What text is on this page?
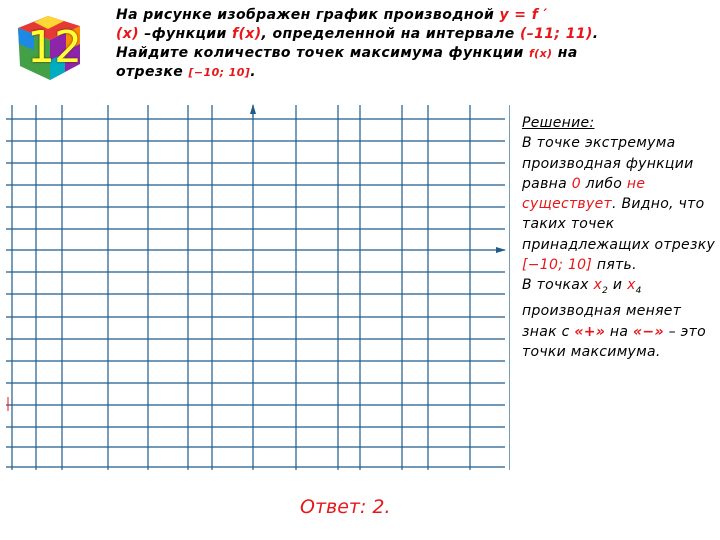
12
На рисунке изображен график производной y = f ′
(x) –функции f(x), определенной на интервале (–11; 11).
Найдите количество точек максимума функции f(x) на
отрезке [−10; 10].
Решение:
В точке экстремума производная функции равна 0 либо не существует. Видно, что таких точек принадлежащих отрезку [−10; 10] пять.
В точках $x_2$ и $x_4$ производная меняет знак с «+» на «−» – это точки максимума.
Ответ: 2.
